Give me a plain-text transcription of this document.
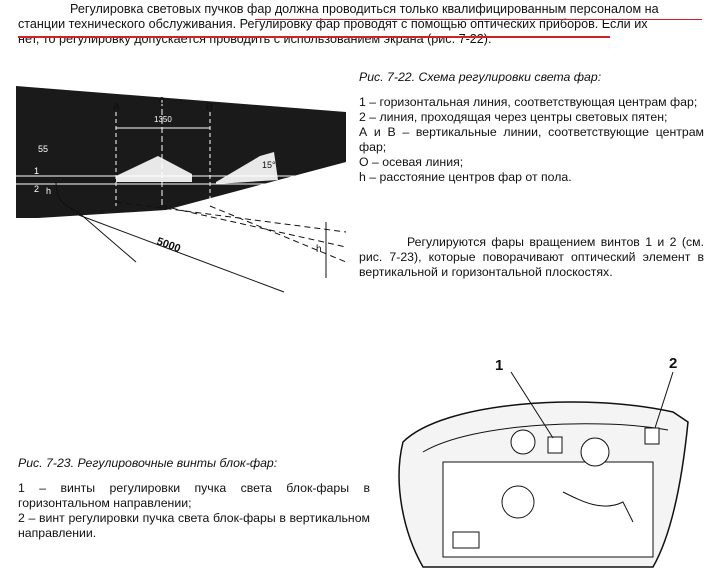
Регулировка световых пучков фар должна проводиться только квалифицированным персоналом на
станции технического обслуживания. Регулировку фар проводят с помощью оптических приборов. Если их
нет, то регулировку допускается проводить с использованием экрана (рис. 7-22).
A
0
B
1350
55
1
2 h
15°
5000	h
Рис. 7-22. Схема регулировки света фар:
1 – горизонтальная линия, соответствующая центрам фар;
2 – линия, проходящая через центры световых пятен;
А и В – вертикальные линии, соответствующие центрам фар;
О – осевая линия;
h – расстояние центров фар от пола.
Регулируются фары вращением винтов 1 и 2 (см. рис. 7-23), которые поворачивают оптический элемент в вертикальной и горизонтальной плоскостях.
Рис. 7-23. Регулировочные винты блок-фар:
1 – винты регулировки пучка света блок-фары в горизонтальном направлении;
2 – винт регулировки пучка света блок-фары в вертикальном направлении.
1	2
